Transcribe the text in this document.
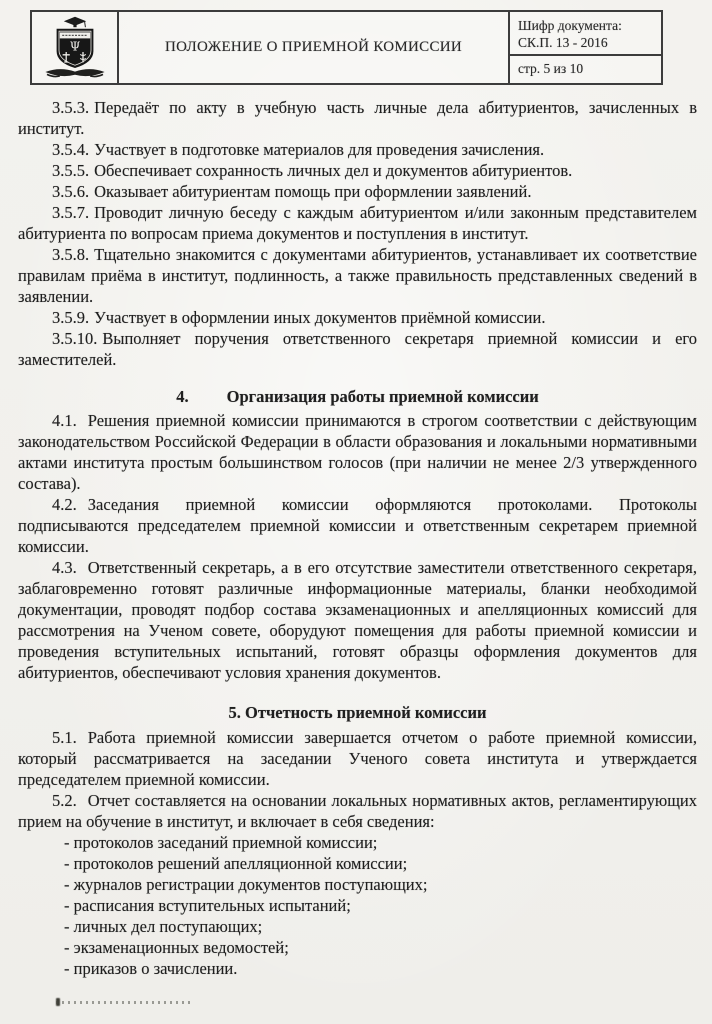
Ψ	ПОЛОЖЕНИЕ О ПРИЕМНОЙ КОМИССИИ
Шифр документа:
СК.П. 13 - 2016
стр. 5 из 10

3.5.3. Передаёт по акту в учебную часть личные дела абитуриентов, зачисленных в институт.

3.5.4. Участвует в подготовке материалов для проведения зачисления.

3.5.5. Обеспечивает сохранность личных дел и документов абитуриентов.

3.5.6. Оказывает абитуриентам помощь при оформлении заявлений.

3.5.7. Проводит личную беседу с каждым абитуриентом и/или законным представителем абитуриента по вопросам приема документов и поступления в институт.

3.5.8. Тщательно знакомится с документами абитуриентов, устанавливает их соответствие правилам приёма в институт, подлинность, а также правильность представленных сведений в заявлении.

3.5.9. Участвует в оформлении иных документов приёмной комиссии.

3.5.10. Выполняет поручения ответственного секретаря приемной комиссии и его заместителей.

4. Организация работы приемной комиссии

4.1. Решения приемной комиссии принимаются в строгом соответствии с действующим законодательством Российской Федерации в области образования и локальными нормативными актами института простым большинством голосов (при наличии не менее 2/3 утвержденного состава).

4.2. Заседания приемной комиссии оформляются протоколами. Протоколы подписываются председателем приемной комиссии и ответственным секретарем приемной комиссии.

4.3. Ответственный секретарь, а в его отсутствие заместители ответственного секретаря, заблаговременно готовят различные информационные материалы, бланки необходимой документации, проводят подбор состава экзаменационных и апелляционных комиссий для рассмотрения на Ученом совете, оборудуют помещения для работы приемной комиссии и проведения вступительных испытаний, готовят образцы оформления документов для абитуриентов, обеспечивают условия хранения документов.

5. Отчетность приемной комиссии

5.1. Работа приемной комиссии завершается отчетом о работе приемной комиссии, который рассматривается на заседании Ученого совета института и утверждается председателем приемной комиссии.

5.2. Отчет составляется на основании локальных нормативных актов, регламентирующих прием на обучение в институт, и включает в себя сведения:

- протоколов заседаний приемной комиссии;

- протоколов решений апелляционной комиссии;

- журналов регистрации документов поступающих;

- расписания вступительных испытаний;

- личных дел поступающих;

- экзаменационных ведомостей;

- приказов о зачислении.
